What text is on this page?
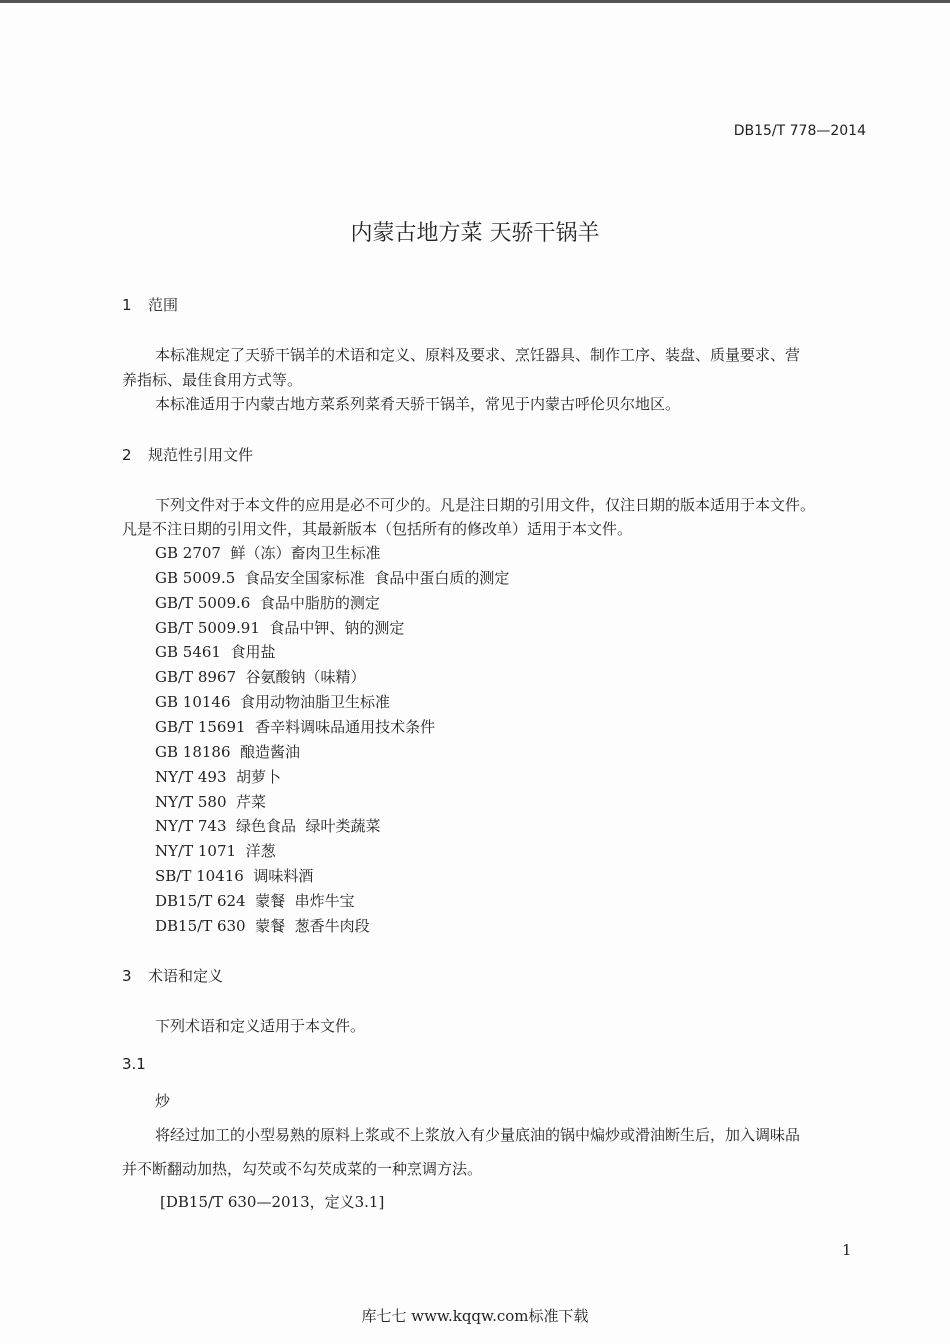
DB15/T 778—2014
内蒙古地方菜 天骄干锅羊
1 范围
本标准规定了天骄干锅羊的术语和定义、原料及要求、烹饪器具、制作工序、装盘、质量要求、营
养指标、最佳食用方式等。
本标准适用于内蒙古地方菜系列菜肴天骄干锅羊，常见于内蒙古呼伦贝尔地区。
2 规范性引用文件
下列文件对于本文件的应用是必不可少的。凡是注日期的引用文件，仅注日期的版本适用于本文件。
凡是不注日期的引用文件，其最新版本（包括所有的修改单）适用于本文件。
GB 2707  鲜（冻）畜肉卫生标准
GB 5009.5  食品安全国家标准  食品中蛋白质的测定
GB/T 5009.6  食品中脂肪的测定
GB/T 5009.91  食品中钾、钠的测定
GB 5461  食用盐
GB/T 8967  谷氨酸钠（味精）
GB 10146  食用动物油脂卫生标准
GB/T 15691  香辛料调味品通用技术条件
GB 18186  酿造酱油
NY/T 493  胡萝卜
NY/T 580  芹菜
NY/T 743  绿色食品  绿叶类蔬菜
NY/T 1071  洋葱
SB/T 10416  调味料酒
DB15/T 624  蒙餐  串炸牛宝
DB15/T 630  蒙餐  葱香牛肉段
3 术语和定义
下列术语和定义适用于本文件。
3.1
炒
将经过加工的小型易熟的原料上浆或不上浆放入有少量底油的锅中煸炒或滑油断生后，加入调味品
并不断翻动加热，勾芡或不勾芡成菜的一种烹调方法。
[DB15/T 630—2013，定义3.1]
1
库七七 www.kqqw.com标准下载
